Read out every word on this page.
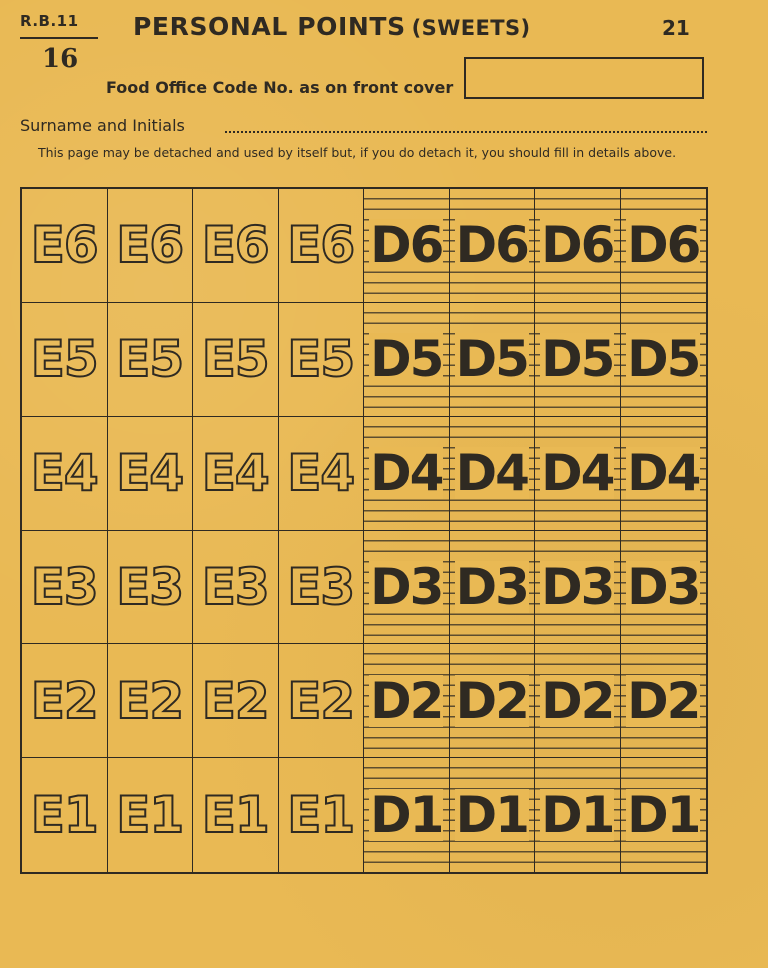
R.B.11
16
PERSONAL POINTS (SWEETS)	21
Food Office Code No. as on front cover
Surname and Initials
This page may be detached and used by itself but, if you do detach it, you should fill in details above.
E6 E6 E6 E6 D6 D6 D6 D6
E5 E5 E5 E5 D5 D5 D5 D5
E4 E4 E4 E4 D4 D4 D4 D4
E3 E3 E3 E3 D3 D3 D3 D3
E2 E2 E2 E2 D2 D2 D2 D2
E1 E1 E1 E1 D1 D1 D1 D1
